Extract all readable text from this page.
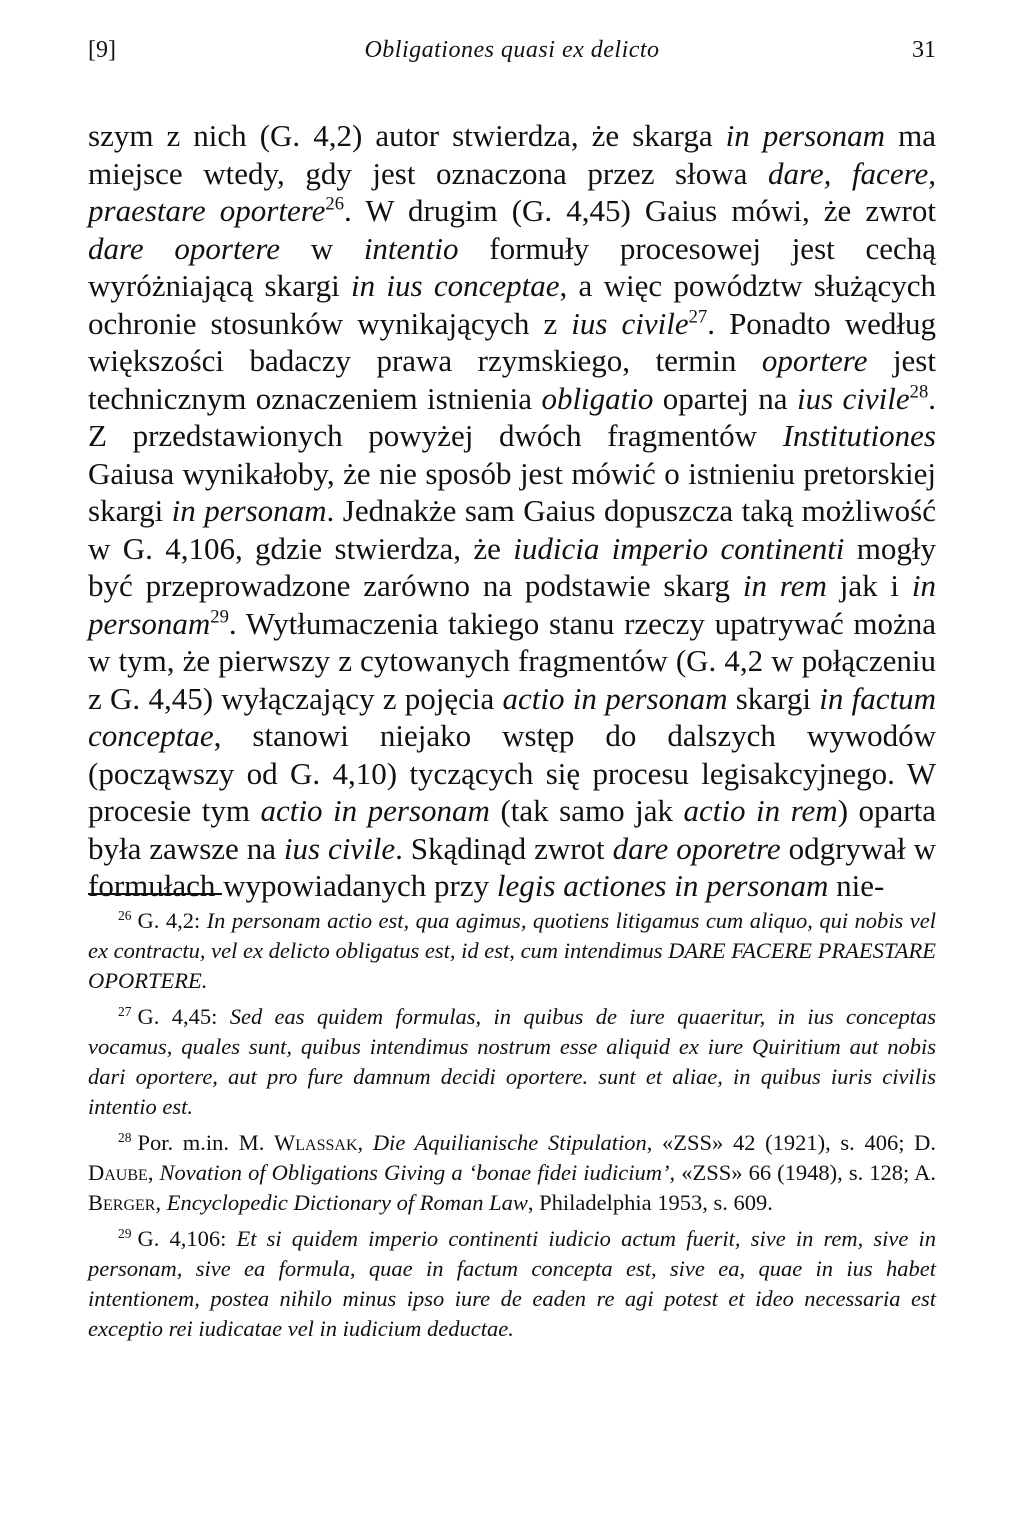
[9]	Obligationes quasi ex delicto	31

szym z nich (G. 4,2) autor stwierdza, że skarga in personam ma miejsce wtedy, gdy jest oznaczona przez słowa dare, facere, praestare oportere$^{26}$. W drugim (G. 4,45) Gaius mówi, że zwrot dare oportere w intentio formuły procesowej jest cechą wyróżniającą skargi in ius conceptae, a więc powództw służących ochronie stosunków wynikających z ius civile$^{27}$. Ponadto według większości badaczy prawa rzymskiego, termin oportere jest technicznym oznaczeniem istnienia obligatio opartej na ius civile$^{28}$. Z przedstawionych powyżej dwóch fragmentów Institutiones Gaiusa wynikałoby, że nie sposób jest mówić o istnieniu pretorskiej skargi in personam. Jednakże sam Gaius dopuszcza taką możliwość w G. 4,106, gdzie stwierdza, że iudicia imperio continenti mogły być przeprowadzone zarówno na podstawie skarg in rem jak i in personam$^{29}$. Wytłumaczenia takiego stanu rzeczy upatrywać można w tym, że pierwszy z cytowanych fragmentów (G. 4,2 w połączeniu z G. 4,45) wyłączający z pojęcia actio in personam skargi in factum conceptae, stanowi niejako wstęp do dalszych wywodów (począwszy od G. 4,10) tyczących się procesu legisakcyjnego. W procesie tym actio in personam (tak samo jak actio in rem) oparta była zawsze na ius civile. Skądinąd zwrot dare oporetre odgrywał w formułach wypowiadanych przy legis actiones in personam nie-

$^{26}$ G. 4,2: In personam actio est, qua agimus, quotiens litigamus cum aliquo, qui nobis vel ex contractu, vel ex delicto obligatus est, id est, cum intendimus DARE FACERE PRAESTARE OPORTERE.

$^{27}$ G. 4,45: Sed eas quidem formulas, in quibus de iure quaeritur, in ius conceptas vocamus, quales sunt, quibus intendimus nostrum esse aliquid ex iure Quiritium aut nobis dari oportere, aut pro fure damnum decidi oportere. sunt et aliae, in quibus iuris civilis intentio est.

$^{28}$ Por. m.in. M. Wlassak, Die Aquilianische Stipulation, «ZSS» 42 (1921), s. 406; D. Daube, Novation of Obligations Giving a ‘bonae fidei iudicium’, «ZSS» 66 (1948), s. 128; A. Berger, Encyclopedic Dictionary of Roman Law, Philadelphia 1953, s. 609.

$^{29}$ G. 4,106: Et si quidem imperio continenti iudicio actum fuerit, sive in rem, sive in personam, sive ea formula, quae in factum concepta est, sive ea, quae in ius habet intentionem, postea nihilo minus ipso iure de eaden re agi potest et ideo necessaria est exceptio rei iudicatae vel in iudicium deductae.
